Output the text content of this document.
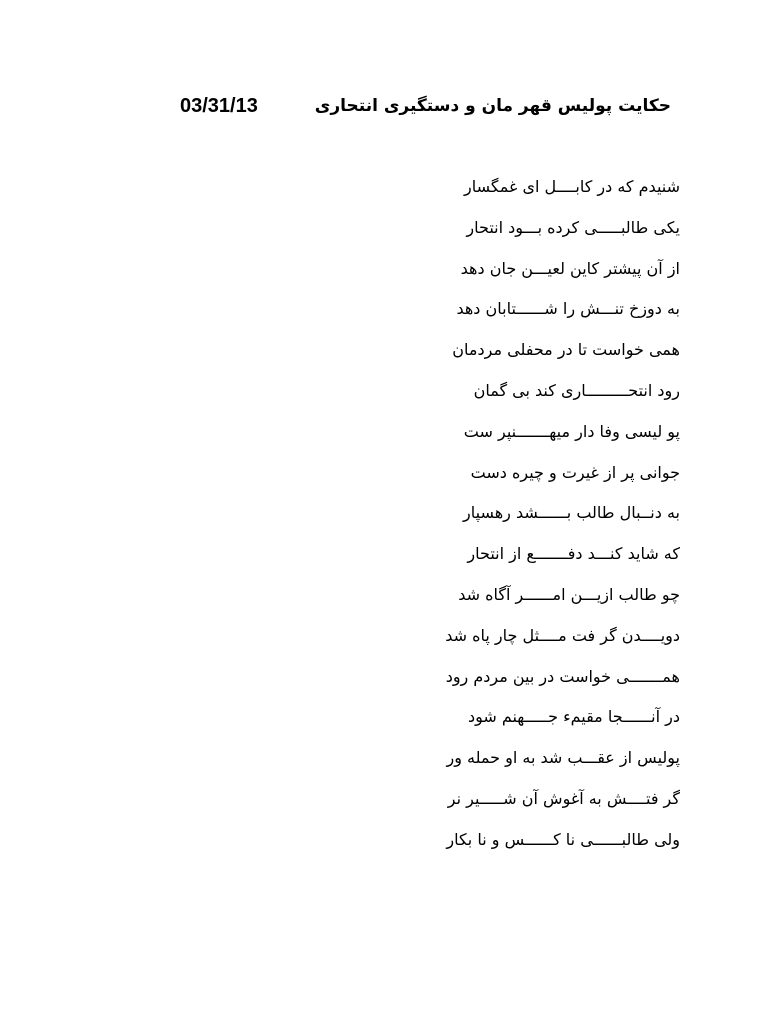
03/31/13	حکایت پولیس قهر مان و دستگیری انتحاری
شنیدم که در کابــــل ای غمگسار
یکی طالبـــــی کرده بـــود انتحار
از آن پیشتر کاین لعیـــن جان دهد
به دوزخ تنـــش را شــــــتابان دهد
همی خواست تا در محفلی مردمان
رود انتحـــــــــاری کند بی گمان
پو لیسی وفا دار میهـــــــنپر ست
جوانی پر از غیرت و چیره دست
به دنــبال طالب بــــــشد رهسپار
که شاید کنـــد دفـــــــع از انتحار
چو طالب ازیـــن امــــــر آگاه شد
دویــــدن گر فت مــــثل چار پاه شد
همـــــــی خواست در بین مردم رود
در آنــــــجا مقیمء جـــــهنم شود
پولیس از عقـــب شد به او حمله ور
گر فتــــش به آغوش آن شـــــیر نر
ولی طالبــــــی نا کــــــس و نا بکار
